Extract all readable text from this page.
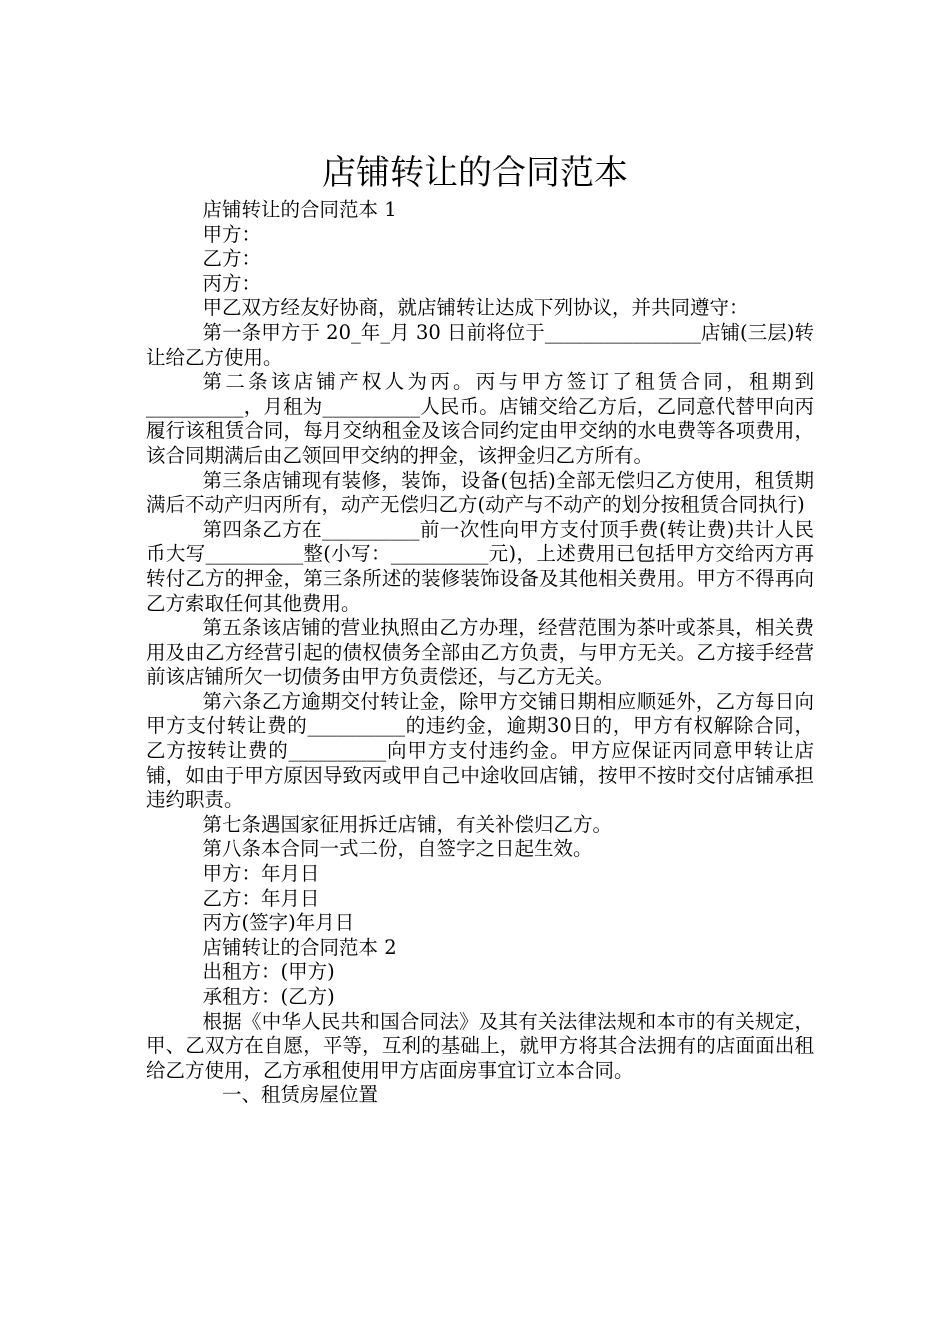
店铺转让的合同范本

店铺转让的合同范本 1

甲方：

乙方：

丙方：

甲乙双方经友好协商，就店铺转让达成下列协议，并共同遵守：

第一条甲方于 20_年_月 30 日前将位于________________店铺(三层)转让给乙方使用。

第二条该店铺产权人为丙。丙与甲方签订了租赁合同，租期到__________，月租为__________人民币。店铺交给乙方后，乙同意代替甲向丙履行该租赁合同，每月交纳租金及该合同约定由甲交纳的水电费等各项费用，该合同期满后由乙领回甲交纳的押金，该押金归乙方所有。

第三条店铺现有装修，装饰，设备(包括)全部无偿归乙方使用，租赁期满后不动产归丙所有，动产无偿归乙方(动产与不动产的划分按租赁合同执行)

第四条乙方在__________前一次性向甲方支付顶手费(转让费)共计人民币大写__________整(小写：__________元)，上述费用已包括甲方交给丙方再转付乙方的押金，第三条所述的装修装饰设备及其他相关费用。甲方不得再向乙方索取任何其他费用。

第五条该店铺的营业执照由乙方办理，经营范围为茶叶或茶具，相关费用及由乙方经营引起的债权债务全部由乙方负责，与甲方无关。乙方接手经营前该店铺所欠一切债务由甲方负责偿还，与乙方无关。

第六条乙方逾期交付转让金，除甲方交铺日期相应顺延外，乙方每日向甲方支付转让费的__________的违约金，逾期30日的，甲方有权解除合同，乙方按转让费的__________向甲方支付违约金。甲方应保证丙同意甲转让店铺，如由于甲方原因导致丙或甲自己中途收回店铺，按甲不按时交付店铺承担违约职责。

第七条遇国家征用拆迁店铺，有关补偿归乙方。

第八条本合同一式二份，自签字之日起生效。

甲方：年月日

乙方：年月日

丙方(签字)年月日

店铺转让的合同范本 2

出租方：(甲方)

承租方：(乙方)

根据《中华人民共和国合同法》及其有关法律法规和本市的有关规定，甲、乙双方在自愿，平等，互利的基础上，就甲方将其合法拥有的店面面出租给乙方使用，乙方承租使用甲方店面房事宜订立本合同。

一、租赁房屋位置
